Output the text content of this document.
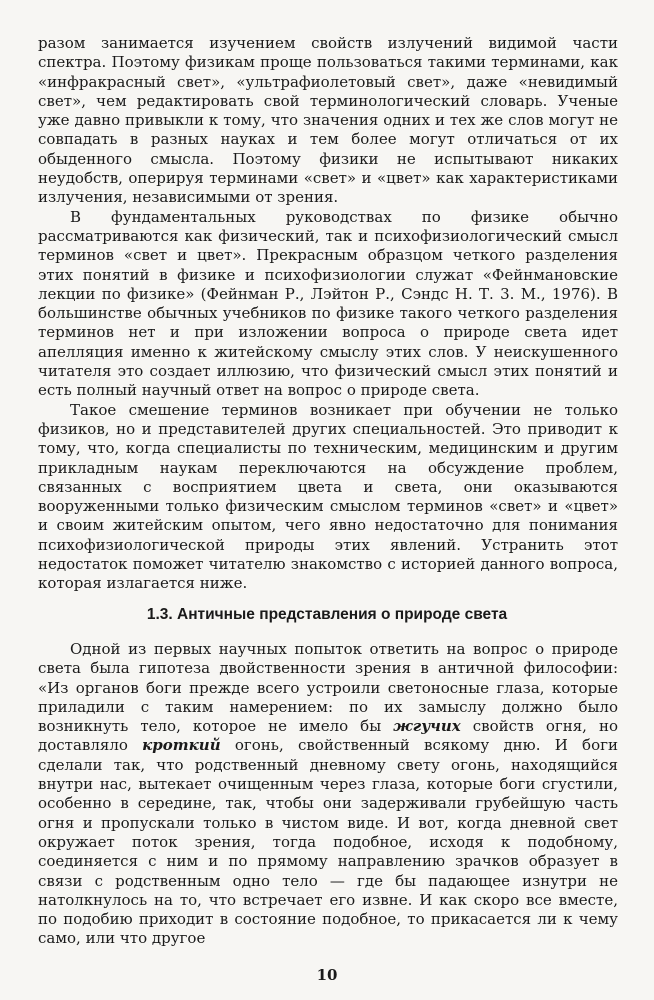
разом занимается изучением свойств излучений видимой части спектра. Поэтому физикам проще пользоваться такими терминами, как «инфракрасный свет», «ультрафиолетовый свет», даже «невидимый свет», чем редактировать свой терминологический словарь. Ученые уже давно привыкли к тому, что значения одних и тех же слов могут не совпадать в разных науках и тем более могут отличаться от их обыденного смысла. Поэтому физики не испытывают никаких неудобств, оперируя терминами «свет» и «цвет» как характеристиками излучения, независимыми от зрения.

В фундаментальных руководствах по физике обычно рассматриваются как физический, так и психофизиологический смысл терминов «свет и цвет». Прекрасным образцом четкого разделения этих понятий в физике и психофизиологии служат «Фейнмановские лекции по физике» (Фейнман Р., Лэйтон Р., Сэндс Н. Т. 3. М., 1976). В большинстве обычных учебников по физике такого четкого разделения терминов нет и при изложении вопроса о природе света идет апелляция именно к житейскому смыслу этих слов. У неискушенного читателя это создает иллюзию, что физический смысл этих понятий и есть полный научный ответ на вопрос о природе света.

Такое смешение терминов возникает при обучении не только физиков, но и представителей других специальностей. Это приводит к тому, что, когда специалисты по техническим, медицинским и другим прикладным наукам переключаются на обсуждение проблем, связанных с восприятием цвета и света, они оказываются вооруженными только физическим смыслом терминов «свет» и «цвет» и своим житейским опытом, чего явно недостаточно для понимания психофизиологической природы этих явлений. Устранить этот недостаток поможет читателю знакомство с историей данного вопроса, которая излагается ниже.

1.3. Античные представления о природе света

Одной из первых научных попыток ответить на вопрос о природе света была гипотеза двойственности зрения в античной философии: «Из органов боги прежде всего устроили светоносные глаза, которые приладили с таким намерением: по их замыслу должно было возникнуть тело, которое не имело бы жгучих свойств огня, но доставляло кроткий огонь, свойственный всякому дню. И боги сделали так, что родственный дневному свету огонь, находящийся внутри нас, вытекает очищенным через глаза, которые боги сгустили, особенно в середине, так, чтобы они задерживали грубейшую часть огня и пропускали только в чистом виде. И вот, когда дневной свет окружает поток зрения, тогда подобное, исходя к подобному, соединяется с ним и по прямому направлению зрачков образует в связи с родственным одно тело — где бы падающее изнутри не натолкнулось на то, что встречает его извне. И как скоро все вместе, по подобию приходит в состояние подобное, то прикасается ли к чему само, или что другое

10
